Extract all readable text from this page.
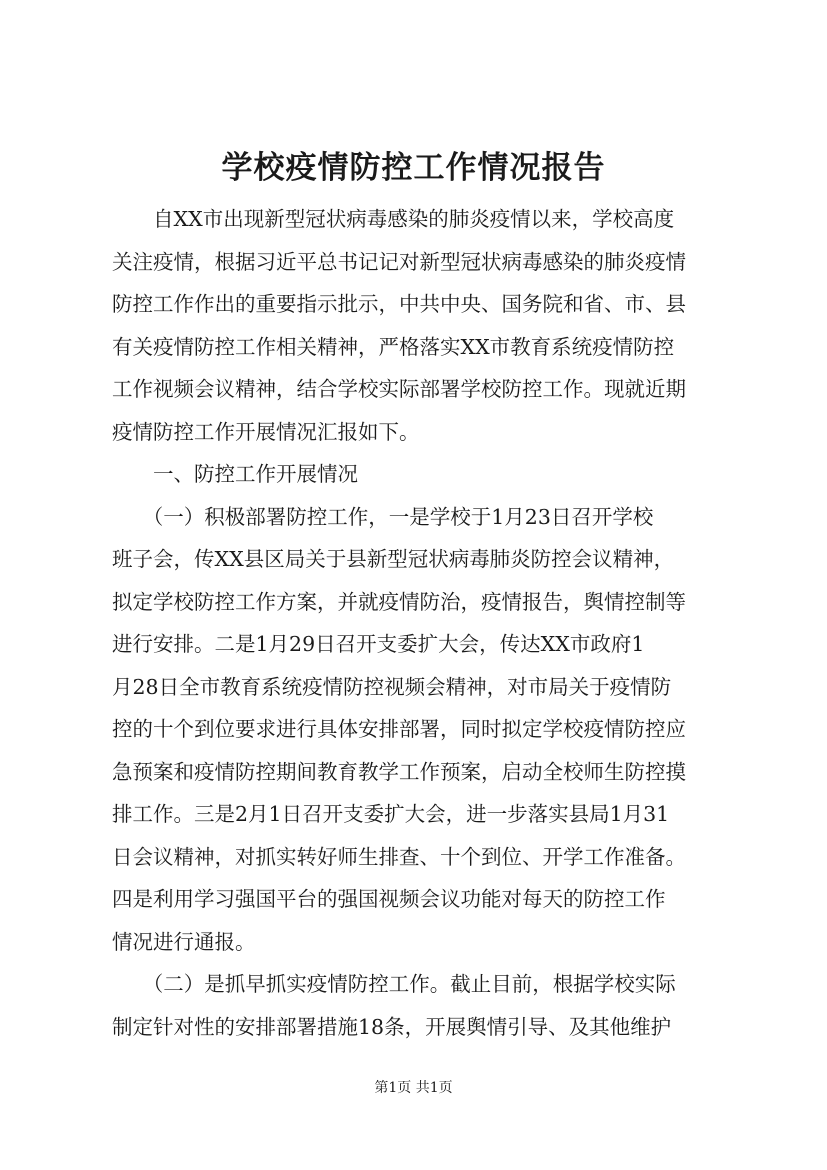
学校疫情防控工作情况报告
　　自XX市出现新型冠状病毒感染的肺炎疫情以来，学校高度
关注疫情，根据习近平总书记记对新型冠状病毒感染的肺炎疫情
防控工作作出的重要指示批示，中共中央、国务院和省、市、县
有关疫情防控工作相关精神，严格落实XX市教育系统疫情防控
工作视频会议精神，结合学校实际部署学校防控工作。现就近期
疫情防控工作开展情况汇报如下。
　　一、防控工作开展情况
　　（一）积极部署防控工作，一是学校于1月23日召开学校
班子会，传XX县区局关于县新型冠状病毒肺炎防控会议精神，
拟定学校防控工作方案，并就疫情防治，疫情报告，舆情控制等
进行安排。二是1月29日召开支委扩大会，传达XX市政府1
月28日全市教育系统疫情防控视频会精神，对市局关于疫情防
控的十个到位要求进行具体安排部署，同时拟定学校疫情防控应
急预案和疫情防控期间教育教学工作预案，启动全校师生防控摸
排工作。三是2月1日召开支委扩大会，进一步落实县局1月31
日会议精神，对抓实转好师生排查、十个到位、开学工作准备。
四是利用学习强国平台的强国视频会议功能对每天的防控工作
情况进行通报。
　　（二）是抓早抓实疫情防控工作。截止目前，根据学校实际
制定针对性的安排部署措施18条，开展舆情引导、及其他维护
第1页 共1页
